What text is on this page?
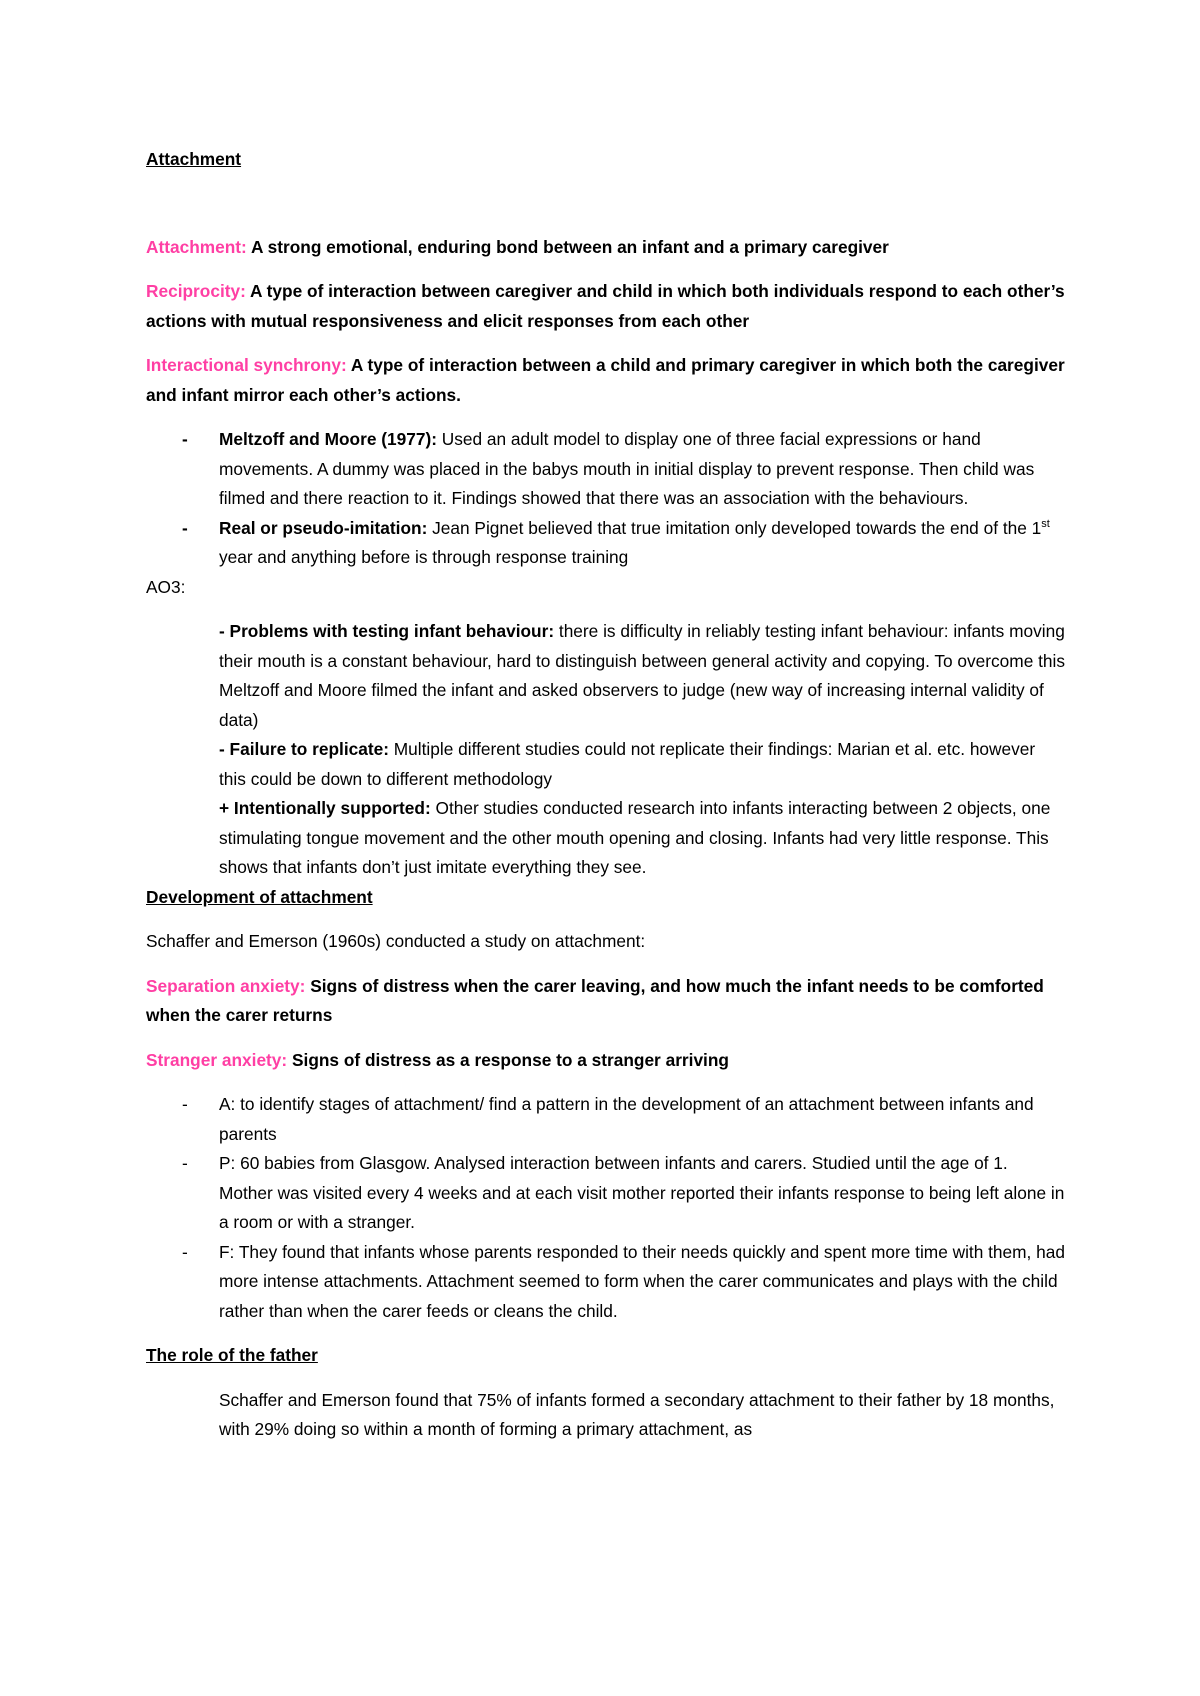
Attachment

Attachment: A strong emotional, enduring bond between an infant and a primary caregiver

Reciprocity: A type of interaction between caregiver and child in which both individuals respond to each other’s actions with mutual responsiveness and elicit responses from each other

Interactional synchrony: A type of interaction between a child and primary caregiver in which both the caregiver and infant mirror each other’s actions.

- Meltzoff and Moore (1977): Used an adult model to display one of three facial expressions or hand movements. A dummy was placed in the babys mouth in initial display to prevent response. Then child was filmed and there reaction to it. Findings showed that there was an association with the behaviours.

- Real or pseudo-imitation: Jean Pignet believed that true imitation only developed towards the end of the 1st year and anything before is through response training

AO3:

- Problems with testing infant behaviour: there is difficulty in reliably testing infant behaviour: infants moving their mouth is a constant behaviour, hard to distinguish between general activity and copying. To overcome this Meltzoff and Moore filmed the infant and asked observers to judge (new way of increasing internal validity of data)
- Failure to replicate: Multiple different studies could not replicate their findings: Marian et al. etc. however this could be down to different methodology
+ Intentionally supported: Other studies conducted research into infants interacting between 2 objects, one stimulating tongue movement and the other mouth opening and closing. Infants had very little response. This shows that infants don’t just imitate everything they see.

Development of attachment

Schaffer and Emerson (1960s) conducted a study on attachment:

Separation anxiety: Signs of distress when the carer leaving, and how much the infant needs to be comforted when the carer returns

Stranger anxiety: Signs of distress as a response to a stranger arriving

- A: to identify stages of attachment/ find a pattern in the development of an attachment between infants and parents

- P: 60 babies from Glasgow. Analysed interaction between infants and carers. Studied until the age of 1. Mother was visited every 4 weeks and at each visit mother reported their infants response to being left alone in a room or with a stranger.

- F: They found that infants whose parents responded to their needs quickly and spent more time with them, had more intense attachments. Attachment seemed to form when the carer communicates and plays with the child rather than when the carer feeds or cleans the child.

The role of the father

Schaffer and Emerson found that 75% of infants formed a secondary attachment to their father by 18 months, with 29% doing so within a month of forming a primary attachment, as
